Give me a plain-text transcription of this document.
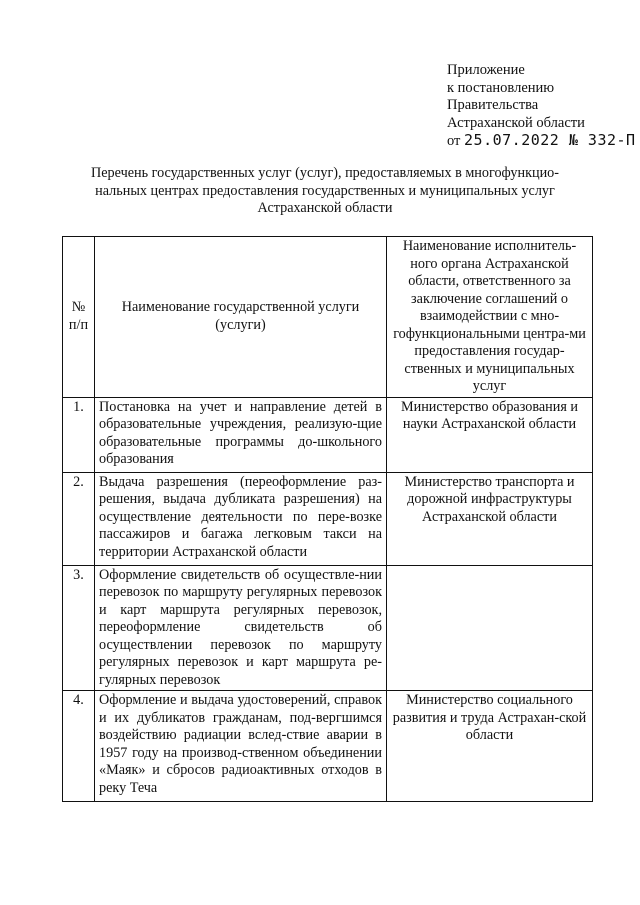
Приложение
к постановлению
Правительства
Астраханской области
от 25.07.2022 № 332-П
Перечень государственных услуг (услуг), предоставляемых в многофункцио-
нальных центрах предоставления государственных и муниципальных услуг
Астраханской области
№ п/п	Наименование государственной услуги (услуги)	Наименование исполнитель-ного органа Астраханской области, ответственного за заключение соглашений о взаимодействии с мно-гофункциональными центра-ми предоставления государ-ственных и муниципальных услуг
1.	Постановка на учет и направление детей в образовательные учреждения, реализую-щие образовательные программы до-школьного образования	Министерство образования и науки Астраханской области
2.	Выдача разрешения (переоформление раз-решения, выдача дубликата разрешения) на осуществление деятельности по пере-возке пассажиров и багажа легковым такси на территории Астраханской области	Министерство транспорта и дорожной инфраструктуры Астраханской области
3.	Оформление свидетельств об осуществле-нии перевозок по маршруту регулярных перевозок и карт маршрута регулярных перевозок, переоформление свидетельств об осуществлении перевозок по маршруту регулярных перевозок и карт маршрута ре-гулярных перевозок	
4.	Оформление и выдача удостоверений, справок и их дубликатов гражданам, под-вергшимся воздействию радиации вслед-ствие аварии в 1957 году на производ-ственном объединении «Маяк» и сбросов радиоактивных отходов в реку Теча	Министерство социального развития и труда Астрахан-ской области
